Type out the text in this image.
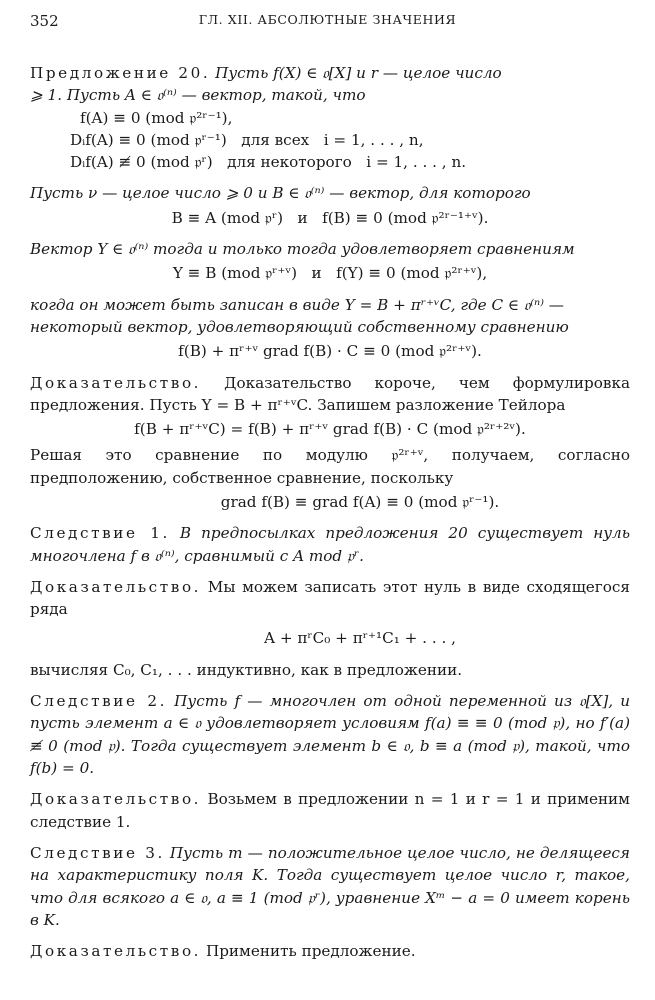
352	ГЛ. XII. АБСОЛЮТНЫЕ ЗНАЧЕНИЯ

Предложение 20. Пусть f(X) ∈ 𝔬[X] и r — целое число

⩾ 1. Пусть A ∈ 𝔬⁽ⁿ⁾ — вектор, такой, что

f(A) ≡ 0 (mod 𝔭²ʳ⁻¹),

Dᵢf(A) ≡ 0 (mod 𝔭ʳ⁻¹)   для всех   i = 1, . . . , n,

Dᵢf(A) ≢ 0 (mod 𝔭ʳ)   для некоторого   i = 1, . . . , n.

Пусть ν — целое число ⩾ 0 и B ∈ 𝔬⁽ⁿ⁾ — вектор, для которого

B ≡ A (mod 𝔭ʳ)   и   f(B) ≡ 0 (mod 𝔭²ʳ⁻¹⁺ᵛ).

Вектор Y ∈ 𝔬⁽ⁿ⁾ тогда и только тогда удовлетворяет сравнениям

Y ≡ B (mod 𝔭ʳ⁺ᵛ)   и   f(Y) ≡ 0 (mod 𝔭²ʳ⁺ᵛ),

когда он может быть записан в виде Y = B + πʳ⁺ᵛC, где C ∈ 𝔬⁽ⁿ⁾ —

некоторый вектор, удовлетворяющий собственному сравнению

f(B) + πʳ⁺ᵛ grad f(B) · C ≡ 0 (mod 𝔭²ʳ⁺ᵛ).

Доказательство. Доказательство короче, чем формулировка предложения. Пусть Y = B + πʳ⁺ᵛC. Запишем разложение Тейлора

f(B + πʳ⁺ᵛC) = f(B) + πʳ⁺ᵛ grad f(B) · C (mod 𝔭²ʳ⁺²ᵛ).

Решая это сравнение по модулю 𝔭²ʳ⁺ᵛ, получаем, согласно предположению, собственное сравнение, поскольку

grad f(B) ≡ grad f(A) ≡ 0 (mod 𝔭ʳ⁻¹).

Следствие 1. В предпосылках предложения 20 существует нуль многочлена f в 𝔬⁽ⁿ⁾, сравнимый с A mod 𝔭ʳ.

Доказательство. Мы можем записать этот нуль в виде сходящегося ряда

A + πʳC₀ + πʳ⁺¹C₁ + . . . ,

вычисляя C₀, C₁, . . . индуктивно, как в предложении.

Следствие 2. Пусть f — многочлен от одной переменной из 𝔬[X], и пусть элемент a ∈ 𝔬 удовлетворяет условиям f(a) ≡ ≡ 0 (mod 𝔭), но f′(a) ≢ 0 (mod 𝔭). Тогда существует элемент b ∈ 𝔬, b ≡ a (mod 𝔭), такой, что f(b) = 0.

Доказательство. Возьмем в предложении n = 1 и r = 1 и применим следствие 1.

Следствие 3. Пусть m — положительное целое число, не делящееся на характеристику поля K. Тогда существует целое число r, такое, что для всякого a ∈ 𝔬, a ≡ 1 (mod 𝔭ʳ), уравнение Xᵐ − a = 0 имеет корень в K.

Доказательство. Применить предложение.
